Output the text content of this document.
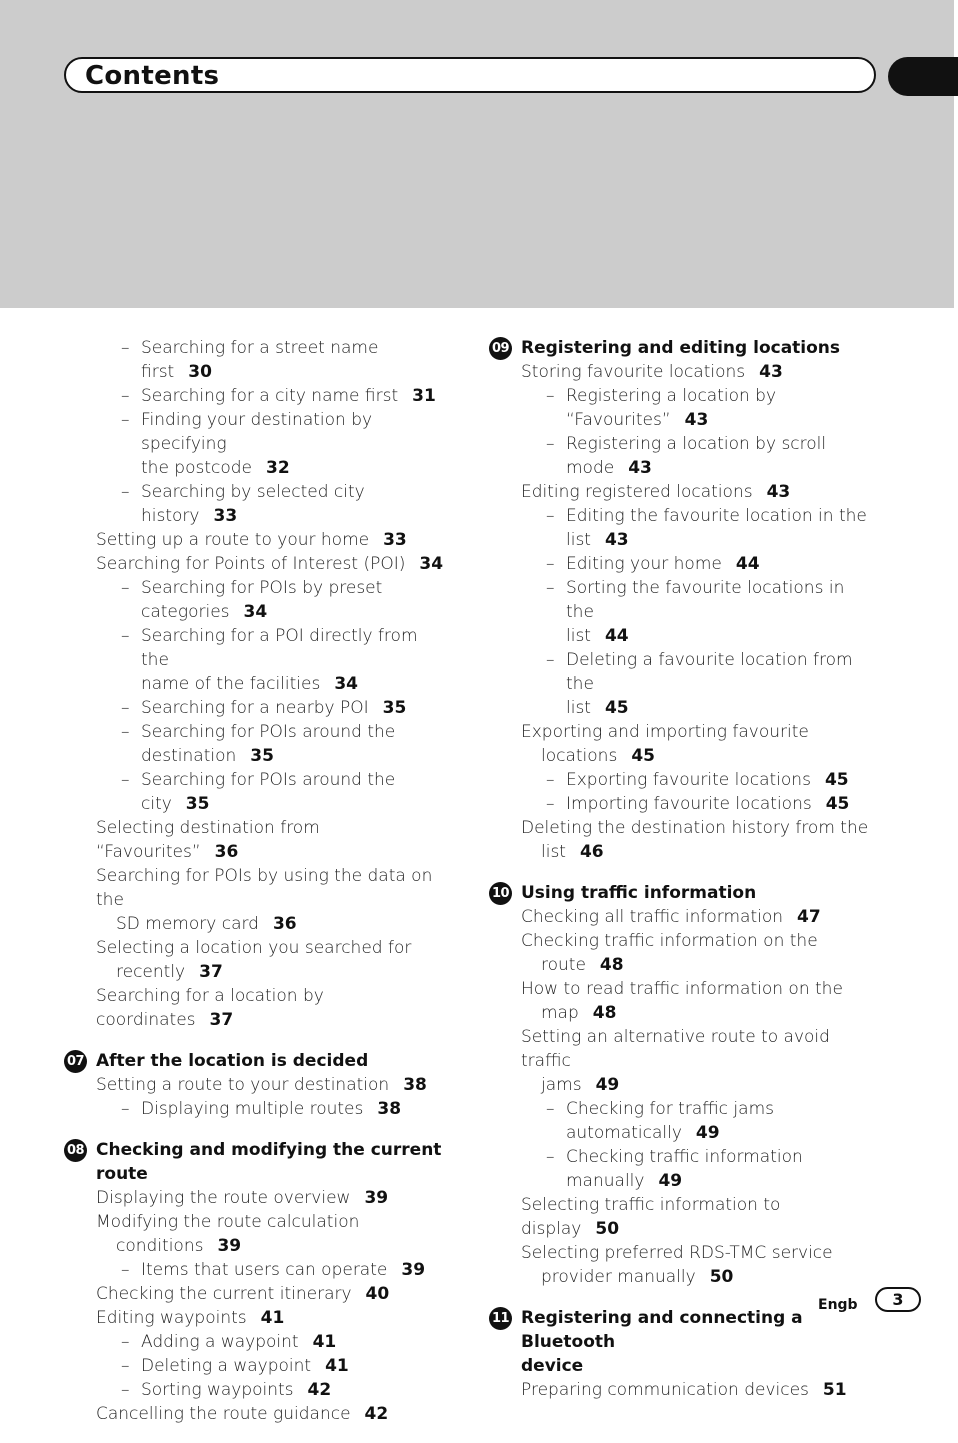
Contents
– Searching for a street name first 30
– Searching for a city name first 31
– Finding your destination by specifying
the postcode 32
– Searching by selected city history 33
Setting up a route to your home 33
Searching for Points of Interest (POI) 34
– Searching for POIs by preset
categories 34
– Searching for a POI directly from the
name of the facilities 34
– Searching for a nearby POI 35
– Searching for POIs around the
destination 35
– Searching for POIs around the city 35
Selecting destination from “Favourites” 36
Searching for POIs by using the data on the
SD memory card 36
Selecting a location you searched for
recently 37
Searching for a location by coordinates 37
07 After the location is decided
Setting a route to your destination 38
– Displaying multiple routes 38
08 Checking and modifying the current
route
Displaying the route overview 39
Modifying the route calculation
conditions 39
– Items that users can operate 39
Checking the current itinerary 40
Editing waypoints 41
– Adding a waypoint 41
– Deleting a waypoint 41
– Sorting waypoints 42
Cancelling the route guidance 42
09 Registering and editing locations
Storing favourite locations 43
– Registering a location by
“Favourites” 43
– Registering a location by scroll
mode 43
Editing registered locations 43
– Editing the favourite location in the
list 43
– Editing your home 44
– Sorting the favourite locations in the
list 44
– Deleting a favourite location from the
list 45
Exporting and importing favourite
locations 45
– Exporting favourite locations 45
– Importing favourite locations 45
Deleting the destination history from the
list 46
10 Using traffic information
Checking all traffic information 47
Checking traffic information on the
route 48
How to read traffic information on the
map 48
Setting an alternative route to avoid traffic
jams 49
– Checking for traffic jams
automatically 49
– Checking traffic information
manually 49
Selecting traffic information to display 50
Selecting preferred RDS-TMC service
provider manually 50
11 Registering and connecting a Bluetooth
device
Preparing communication devices 51
Engb	3
